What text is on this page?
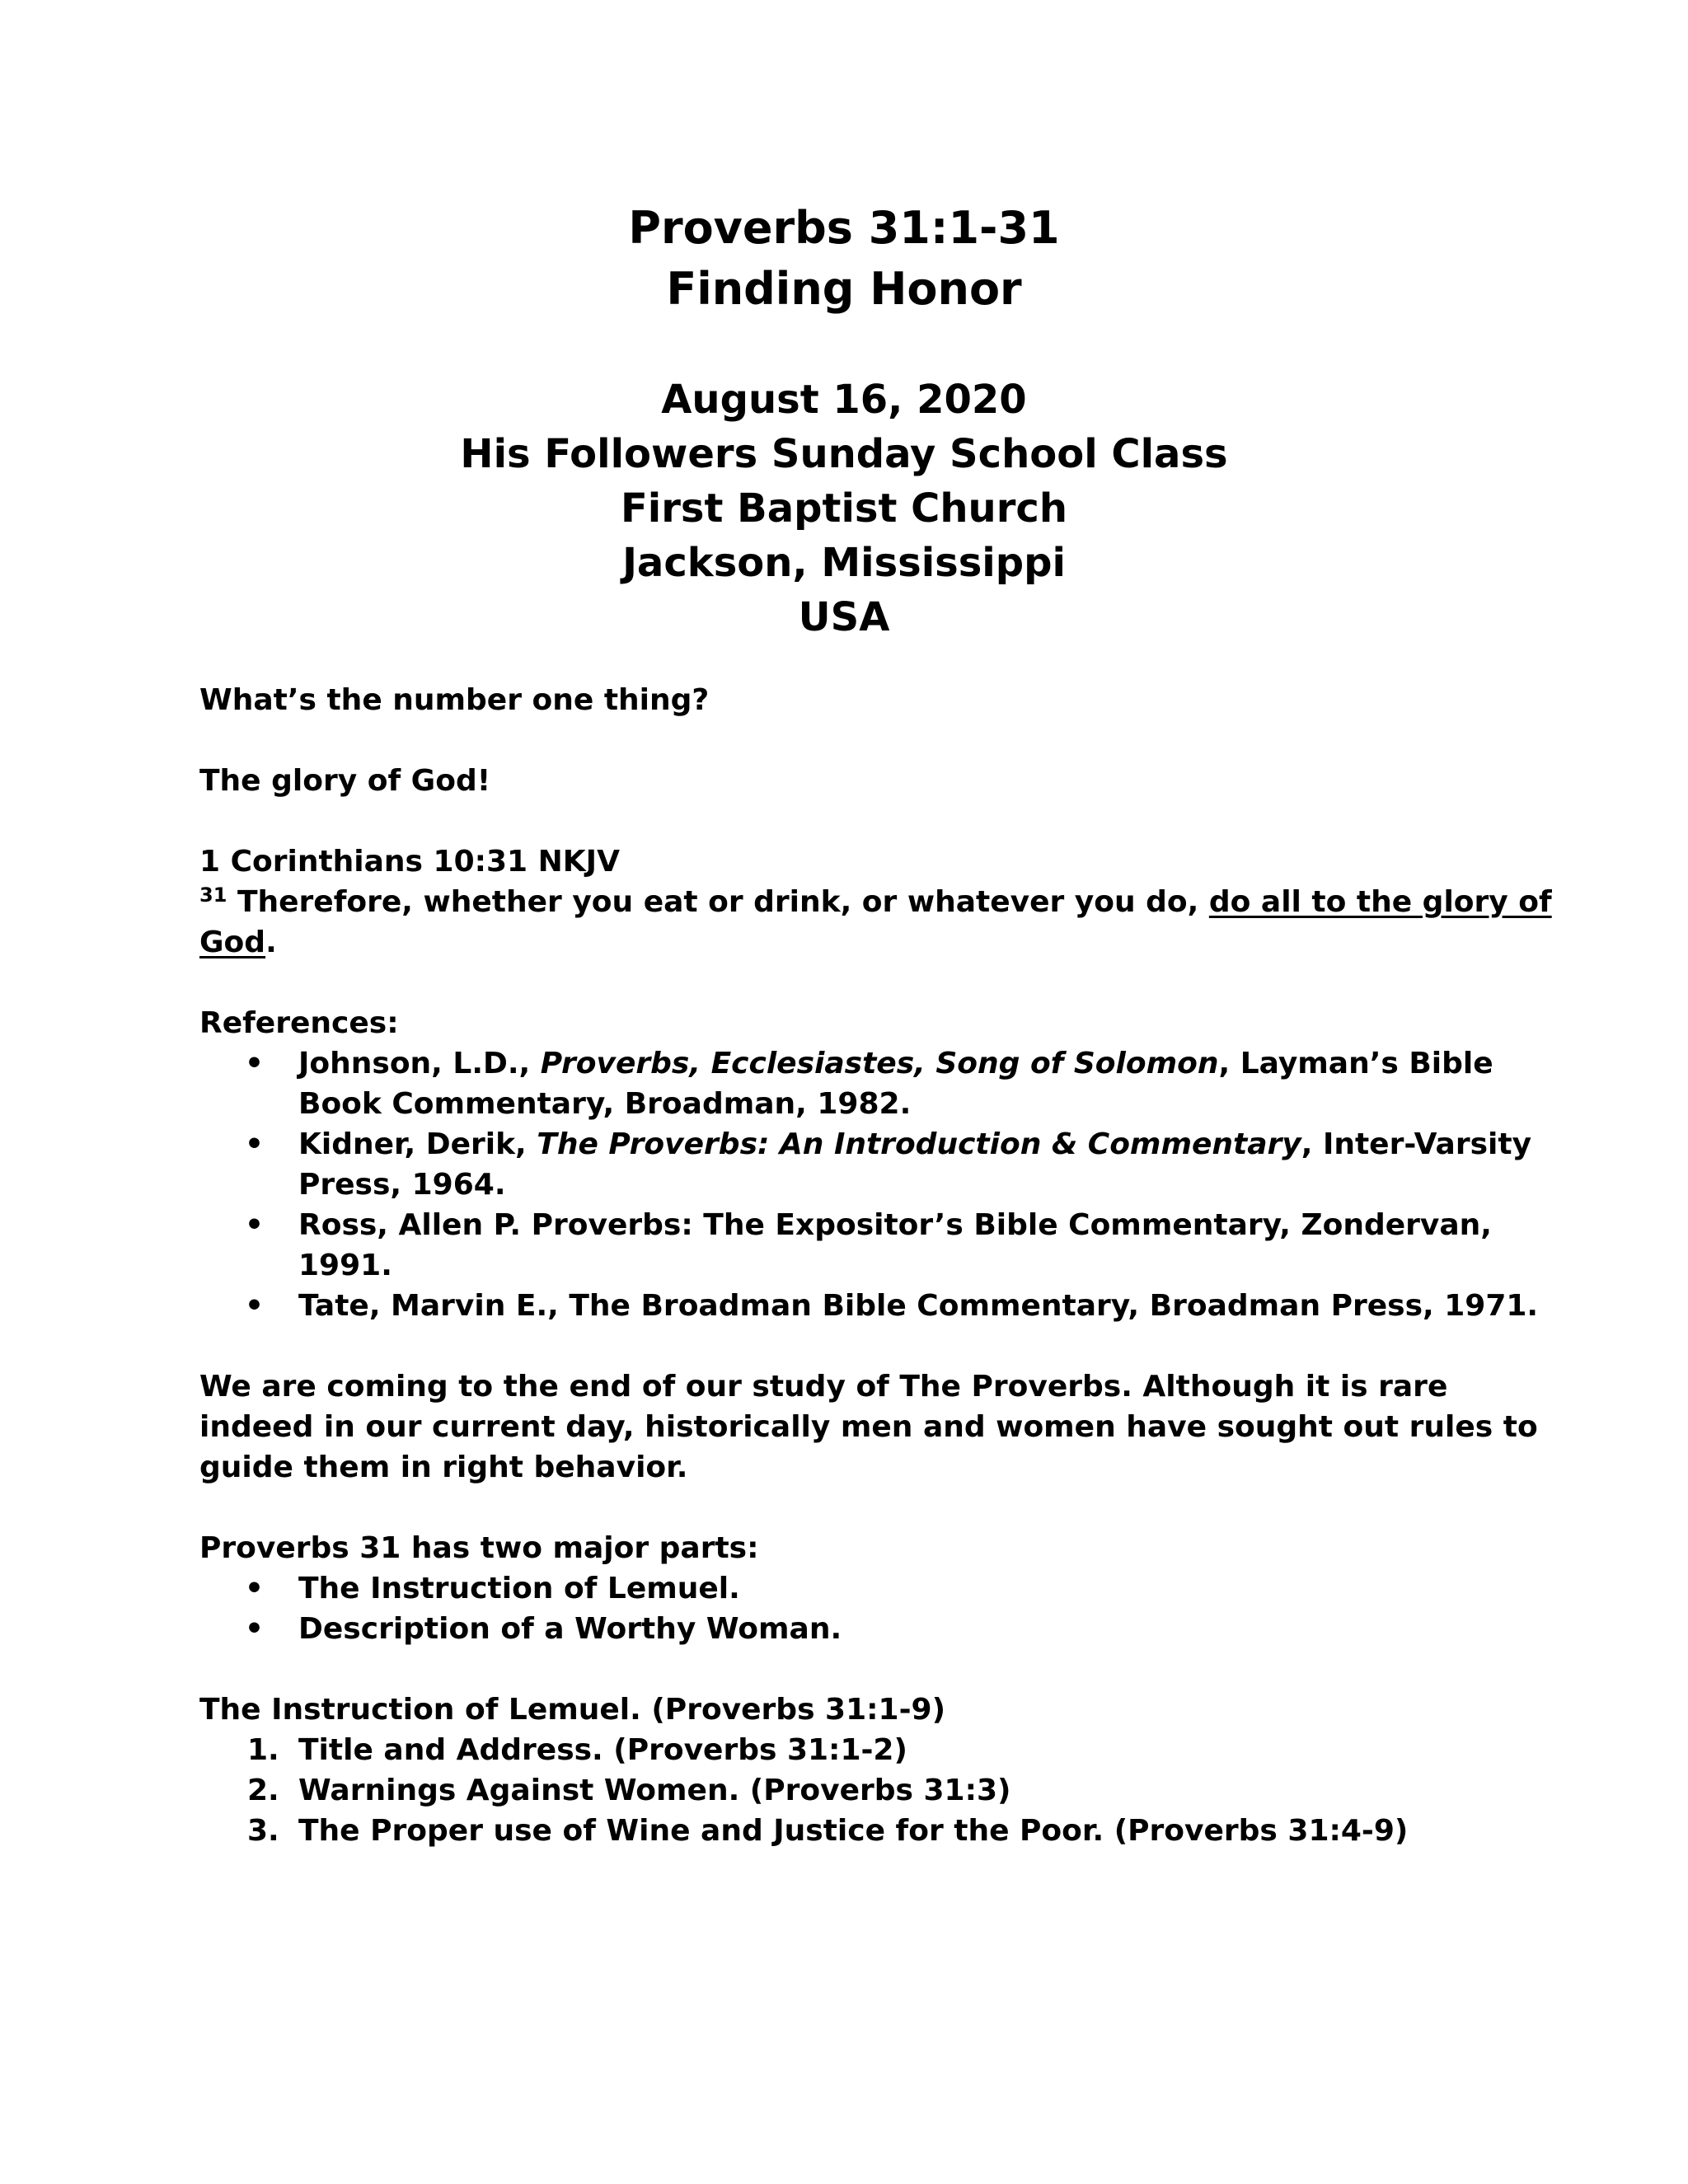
Proverbs 31:1-31
Finding Honor
August 16, 2020
His Followers Sunday School Class
First Baptist Church
Jackson, Mississippi
USA
What’s the number one thing?
The glory of God!
1 Corinthians 10:31 NKJV
$^{31}$ Therefore, whether you eat or drink, or whatever you do, do all to the glory of
God.
References:
• Johnson, L.D., Proverbs, Ecclesiastes, Song of Solomon, Layman’s Bible
Book Commentary, Broadman, 1982.
• Kidner, Derik, The Proverbs: An Introduction & Commentary, Inter-Varsity
Press, 1964.
• Ross, Allen P. Proverbs: The Expositor’s Bible Commentary, Zondervan,
1991.
• Tate, Marvin E., The Broadman Bible Commentary, Broadman Press, 1971.
We are coming to the end of our study of The Proverbs. Although it is rare
indeed in our current day, historically men and women have sought out rules to
guide them in right behavior.
Proverbs 31 has two major parts:
• The Instruction of Lemuel.
• Description of a Worthy Woman.
The Instruction of Lemuel. (Proverbs 31:1-9)
1. Title and Address. (Proverbs 31:1-2)
2. Warnings Against Women. (Proverbs 31:3)
3. The Proper use of Wine and Justice for the Poor. (Proverbs 31:4-9)
